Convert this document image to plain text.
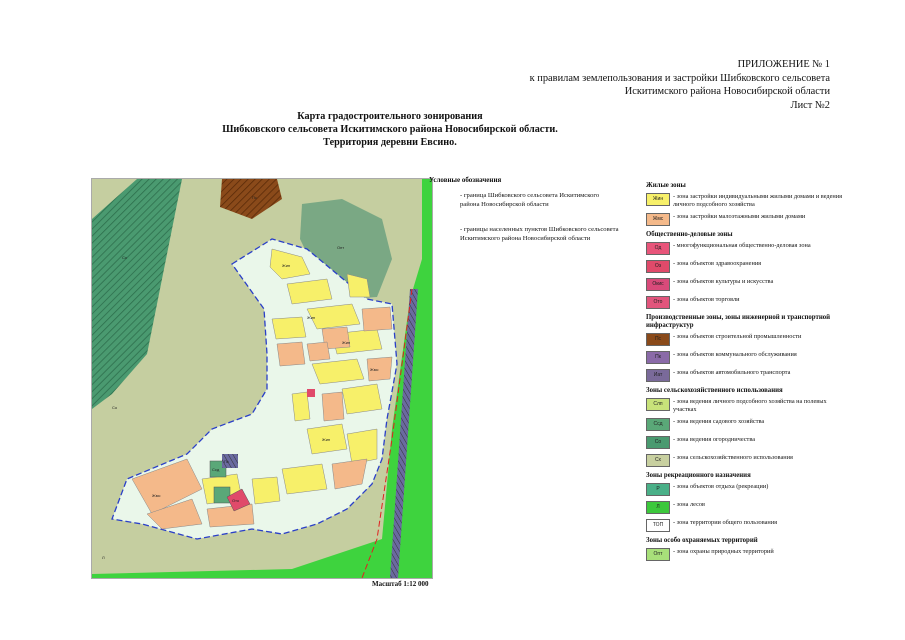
ПРИЛОЖЕНИЕ № 1
к правилам землепользования и застройки Шибковского сельсовета
Искитимского района Новосибирской области
Лист №2
Карта градостроительного зонирования
Шибковского сельсовета Искитимского района Новосибирской области.
Территория деревни Евсино.
Сх
Пс
Опт
Жин
Жин
Жин
Жин
Жмс
Жмс
Ото
Ссд
Пк
Л
Со
Масштаб 1:12 000
Условные обозначения
- граница Шибковского сельсовета Искитимского района Новосибирской области
- границы населенных пунктов Шибковского сельсовета Искитимского района Новосибирской области
Жилые зоны
Жин	- зона застройки индивидуальными жилыми домами и ведения личного подсобного хозяйства
Жмс	- зона застройки малоэтажными жилыми домами
Общественно-деловые зоны
Од	- многофункциональная общественно-деловая зона
Оз	- зона объектов здравоохранения
Окис	- зона объектов культуры и искусства
Ото	- зона объектов торговли
Производственные зоны, зоны инженерной и транспортной инфраструктур
Пс	- зона объектов строительной промышленности
Пк	- зона объектов коммунального обслуживания
Иат	- зона объектов автомобильного транспорта
Зоны сельскохозяйственного использования
Слп	- зона ведения личного подсобного хозяйства на полевых участках
Ссд	- зона ведения садового хозяйства
Со	- зона ведения огородничества
Сх	- зона сельскохозяйственного использования
Зоны рекреационного назначения
Р	- зона объектов отдыха (рекреации)
Л	- зона лесов
ТОП	- зона территории общего пользования
Зоны особо охраняемых территорий
Опт	- зона охраны природных территорий
